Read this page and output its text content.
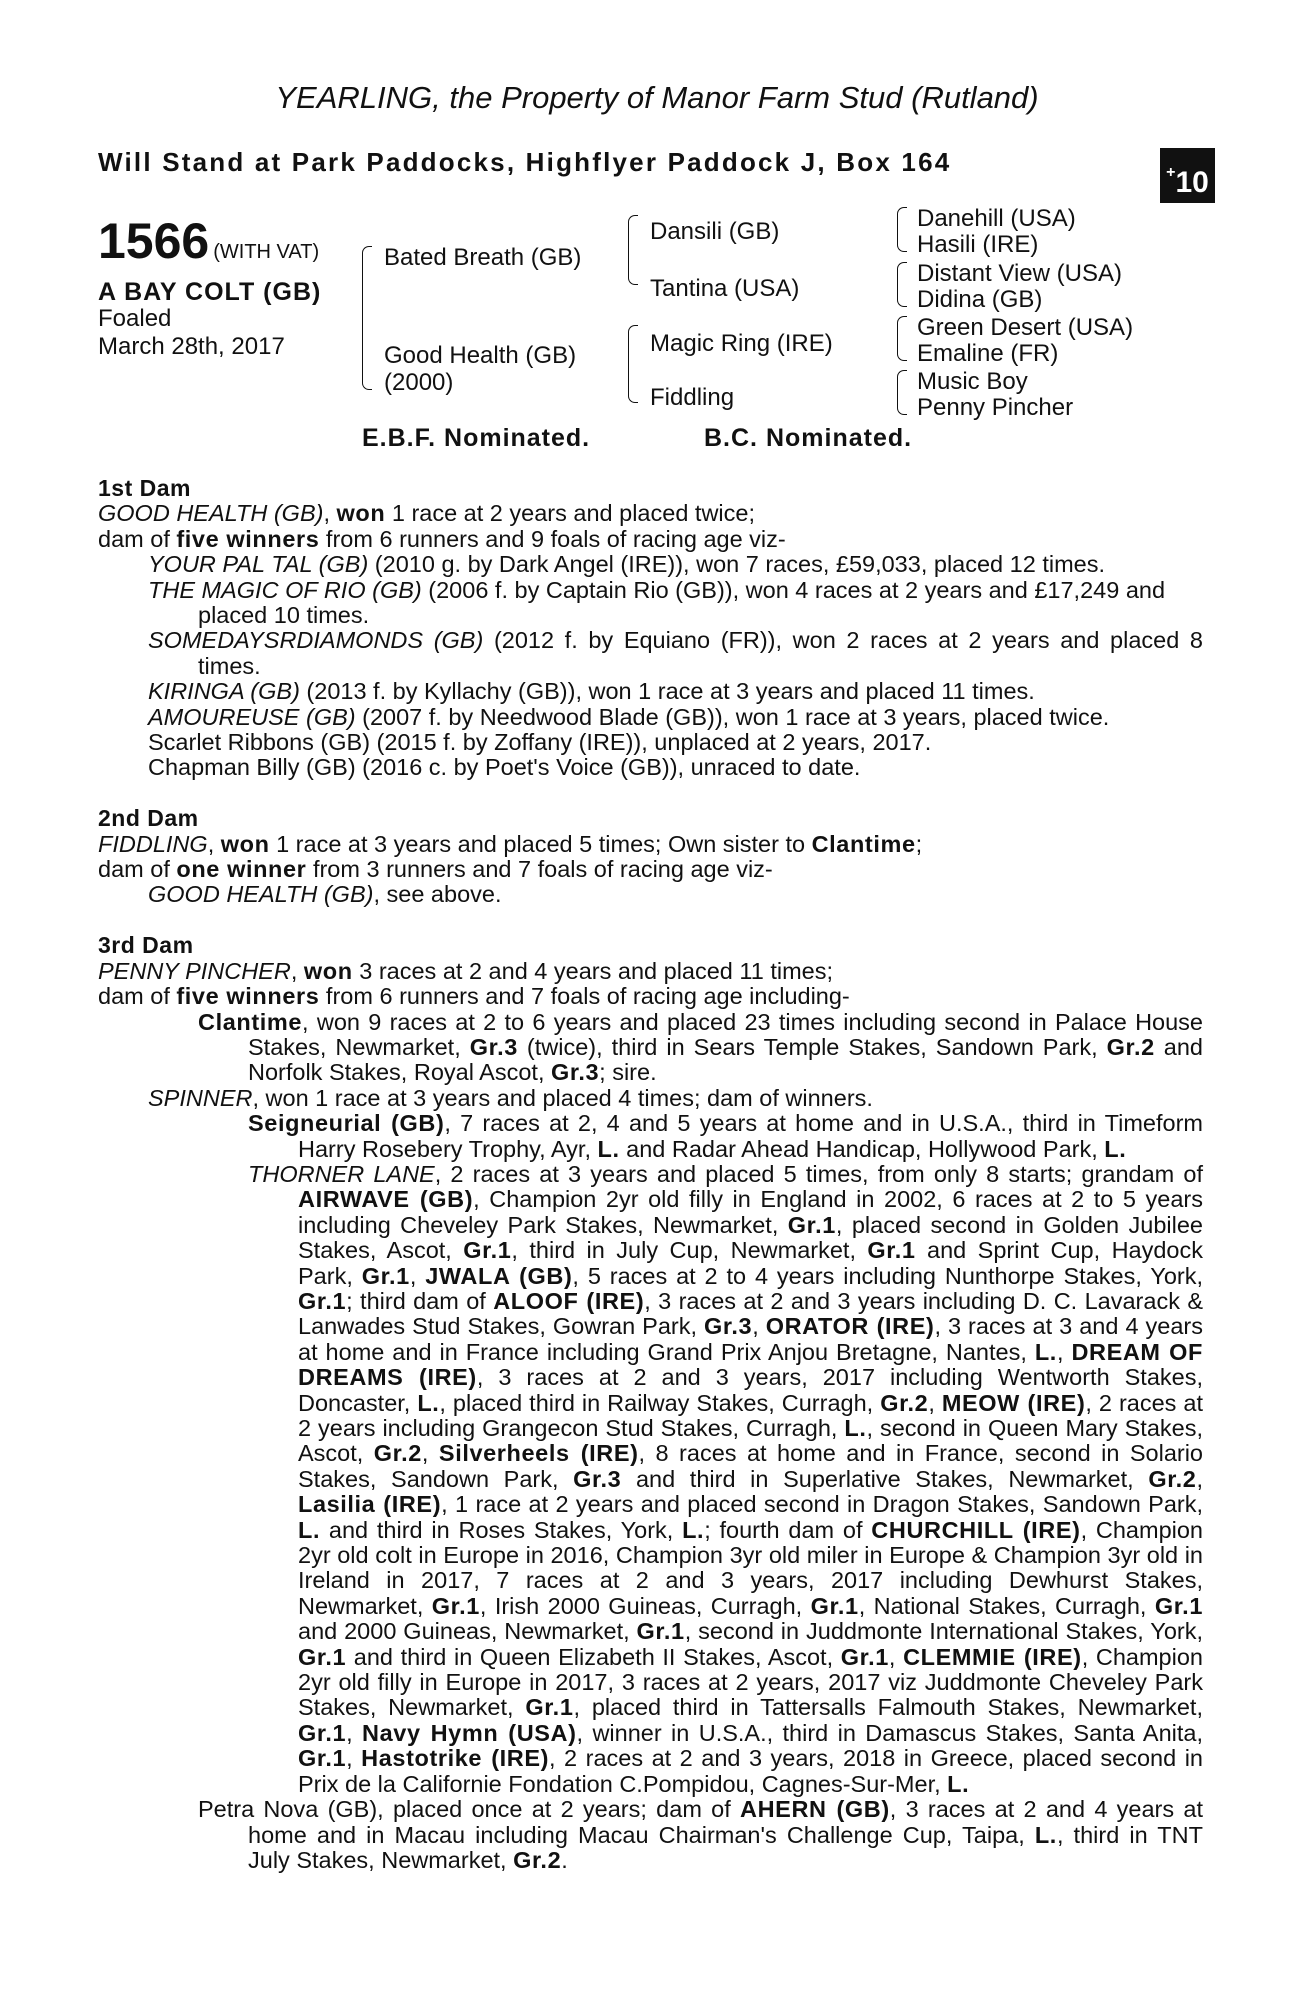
YEARLING, the Property of Manor Farm Stud (Rutland)
Will Stand at Park Paddocks, Highflyer Paddock J, Box 164	+10
1566 (WITH VAT)
A BAY COLT (GB)
Foaled
March 28th, 2017
Bated Breath (GB)
Good Health (GB)
(2000)
Dansili (GB)
Tantina (USA)
Magic Ring (IRE)
Fiddling
Danehill (USA)
Hasili (IRE)
Distant View (USA)
Didina (GB)
Green Desert (USA)
Emaline (FR)
Music Boy
Penny Pincher
E.B.F. Nominated.	B.C. Nominated.

1st Dam

GOOD HEALTH (GB), won 1 race at 2 years and placed twice;

dam of five winners from 6 runners and 9 foals of racing age viz-

YOUR PAL TAL (GB) (2010 g. by Dark Angel (IRE)), won 7 races, £59,033, placed 12 times.

THE MAGIC OF RIO (GB) (2006 f. by Captain Rio (GB)), won 4 races at 2 years and £17,249 and placed 10 times.

SOMEDAYSRDIAMONDS (GB) (2012 f. by Equiano (FR)), won 2 races at 2 years and placed 8 times.

KIRINGA (GB) (2013 f. by Kyllachy (GB)), won 1 race at 3 years and placed 11 times.

AMOUREUSE (GB) (2007 f. by Needwood Blade (GB)), won 1 race at 3 years, placed twice.

Scarlet Ribbons (GB) (2015 f. by Zoffany (IRE)), unplaced at 2 years, 2017.

Chapman Billy (GB) (2016 c. by Poet's Voice (GB)), unraced to date.

2nd Dam

FIDDLING, won 1 race at 3 years and placed 5 times; Own sister to Clantime;

dam of one winner from 3 runners and 7 foals of racing age viz-

GOOD HEALTH (GB), see above.

3rd Dam

PENNY PINCHER, won 3 races at 2 and 4 years and placed 11 times;

dam of five winners from 6 runners and 7 foals of racing age including-

Clantime, won 9 races at 2 to 6 years and placed 23 times including second in Palace House Stakes, Newmarket, Gr.3 (twice), third in Sears Temple Stakes, Sandown Park, Gr.2 and Norfolk Stakes, Royal Ascot, Gr.3; sire.

SPINNER, won 1 race at 3 years and placed 4 times; dam of winners.

Seigneurial (GB), 7 races at 2, 4 and 5 years at home and in U.S.A., third in Timeform Harry Rosebery Trophy, Ayr, L. and Radar Ahead Handicap, Hollywood Park, L.

THORNER LANE, 2 races at 3 years and placed 5 times, from only 8 starts; grandam of AIRWAVE (GB), Champion 2yr old filly in England in 2002, 6 races at 2 to 5 years including Cheveley Park Stakes, Newmarket, Gr.1, placed second in Golden Jubilee Stakes, Ascot, Gr.1, third in July Cup, Newmarket, Gr.1 and Sprint Cup, Haydock Park, Gr.1, JWALA (GB), 5 races at 2 to 4 years including Nunthorpe Stakes, York, Gr.1; third dam of ALOOF (IRE), 3 races at 2 and 3 years including D. C. Lavarack & Lanwades Stud Stakes, Gowran Park, Gr.3, ORATOR (IRE), 3 races at 3 and 4 years at home and in France including Grand Prix Anjou Bretagne, Nantes, L., DREAM OF DREAMS (IRE), 3 races at 2 and 3 years, 2017 including Wentworth Stakes, Doncaster, L., placed third in Railway Stakes, Curragh, Gr.2, MEOW (IRE), 2 races at 2 years including Grangecon Stud Stakes, Curragh, L., second in Queen Mary Stakes, Ascot, Gr.2, Silverheels (IRE), 8 races at home and in France, second in Solario Stakes, Sandown Park, Gr.3 and third in Superlative Stakes, Newmarket, Gr.2, Lasilia (IRE), 1 race at 2 years and placed second in Dragon Stakes, Sandown Park, L. and third in Roses Stakes, York, L.; fourth dam of CHURCHILL (IRE), Champion 2yr old colt in Europe in 2016, Champion 3yr old miler in Europe & Champion 3yr old in Ireland in 2017, 7 races at 2 and 3 years, 2017 including Dewhurst Stakes, Newmarket, Gr.1, Irish 2000 Guineas, Curragh, Gr.1, National Stakes, Curragh, Gr.1 and 2000 Guineas, Newmarket, Gr.1, second in Juddmonte International Stakes, York, Gr.1 and third in Queen Elizabeth II Stakes, Ascot, Gr.1, CLEMMIE (IRE), Champion 2yr old filly in Europe in 2017, 3 races at 2 years, 2017 viz Juddmonte Cheveley Park Stakes, Newmarket, Gr.1, placed third in Tattersalls Falmouth Stakes, Newmarket, Gr.1, Navy Hymn (USA), winner in U.S.A., third in Damascus Stakes, Santa Anita, Gr.1, Hastotrike (IRE), 2 races at 2 and 3 years, 2018 in Greece, placed second in Prix de la Californie Fondation C.Pompidou, Cagnes-Sur-Mer, L.

Petra Nova (GB), placed once at 2 years; dam of AHERN (GB), 3 races at 2 and 4 years at home and in Macau including Macau Chairman's Challenge Cup, Taipa, L., third in TNT July Stakes, Newmarket, Gr.2.
